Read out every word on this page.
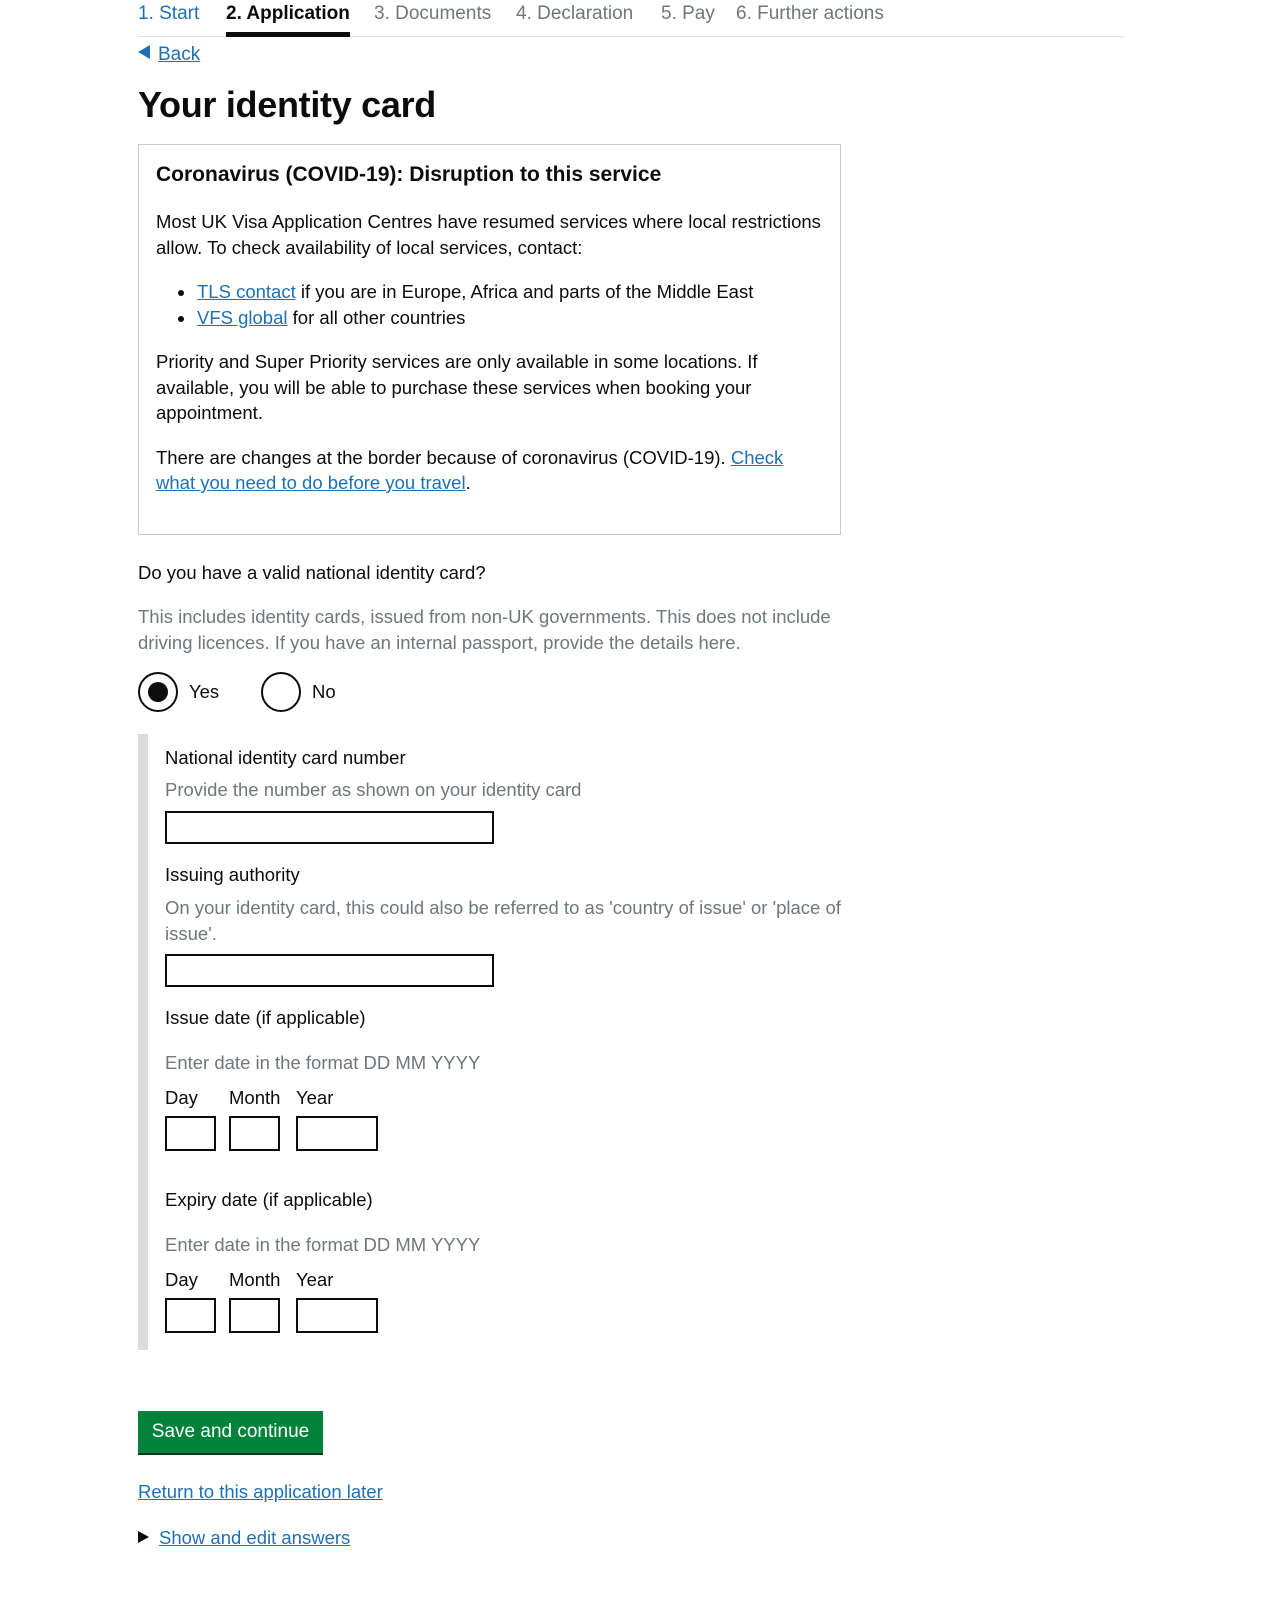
1. Start 2. Application 3. Documents 4. Declaration 5. Pay 6. Further actions
Back
Your identity card
Coronavirus (COVID-19): Disruption to this service

Most UK Visa Application Centres have resumed services where local restrictions allow. To check availability of local services, contact:

TLS contact if you are in Europe, Africa and parts of the Middle East
VFS global for all other countries

Priority and Super Priority services are only available in some locations. If available, you will be able to purchase these services when booking your appointment.

There are changes at the border because of coronavirus (COVID-19). Check what you need to do before you travel.

Do you have a valid national identity card?
This includes identity cards, issued from non-UK governments. This does not include driving licences. If you have an internal passport, provide the details here.
Yes	No
National identity card number
Provide the number as shown on your identity card
Issuing authority
On your identity card, this could also be referred to as 'country of issue' or 'place of issue'.
Issue date (if applicable)
Enter date in the format DD MM YYYY
Day Month Year
Expiry date (if applicable)
Enter date in the format DD MM YYYY
Day Month Year
Save and continue
Return to this application later
Show and edit answers
